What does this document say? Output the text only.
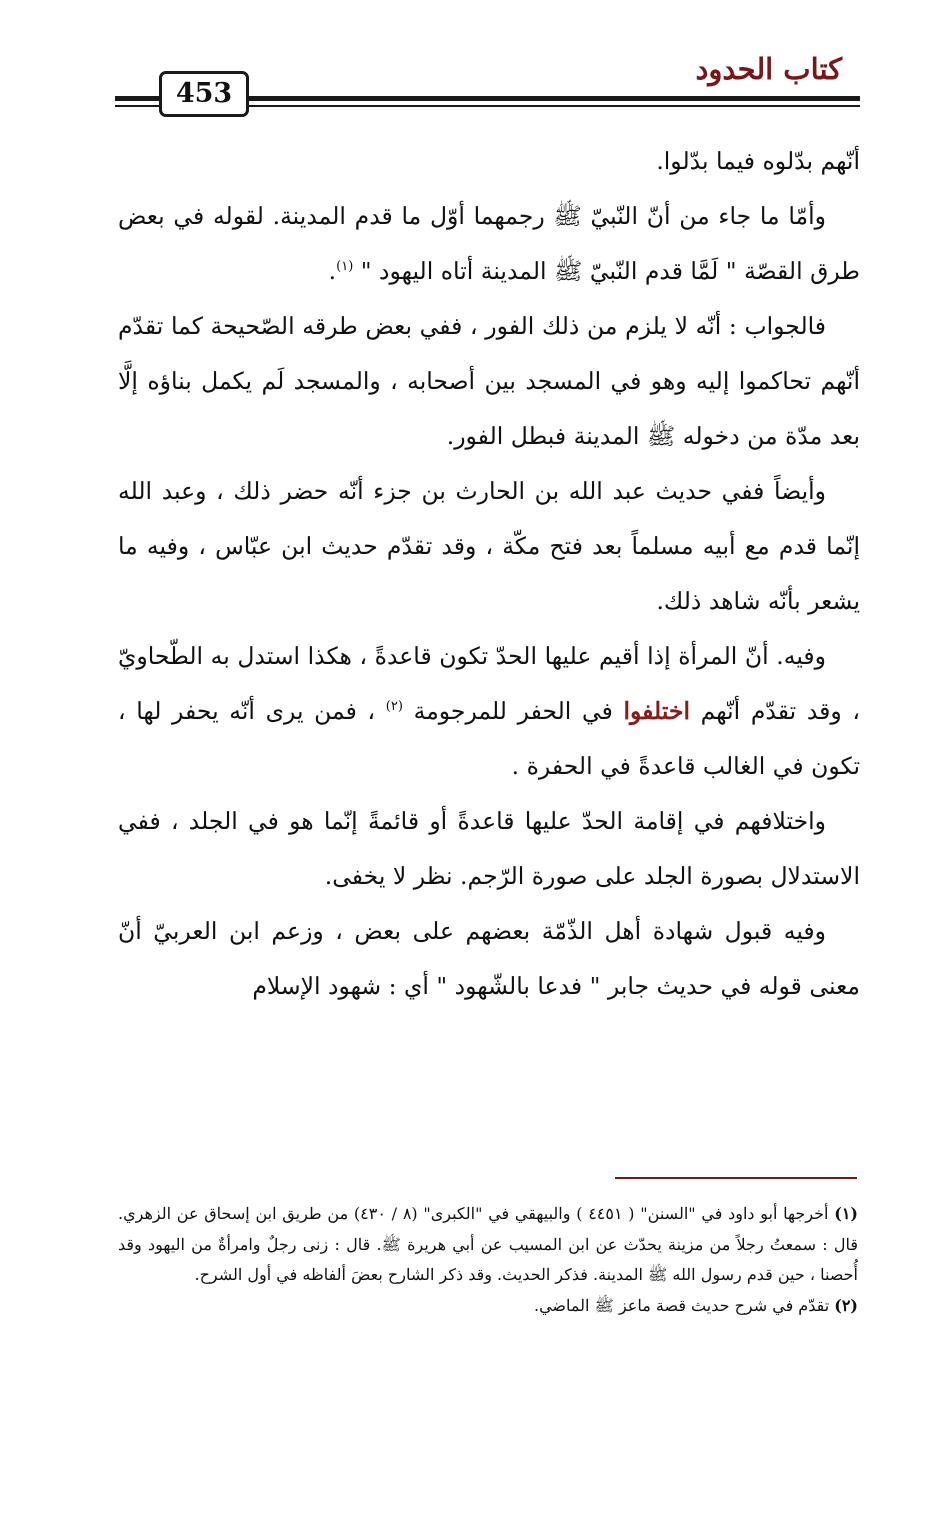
كتاب الحدود
453

أنّهم بدّلوه فيما بدّلوا.

وأمّا ما جاء من أنّ النّبيّ ﷺ رجمهما أوّل ما قدم المدينة. لقوله في بعض طرق القصّة " لَمَّا قدم النّبيّ ﷺ المدينة أتاه اليهود " $^{(١)}$.

فالجواب : أنّه لا يلزم من ذلك الفور ، ففي بعض طرقه الصّحيحة كما تقدّم أنّهم تحاكموا إليه وهو في المسجد بين أصحابه ، والمسجد لَم يكمل بناؤه إلَّا بعد مدّة من دخوله ﷺ المدينة فبطل الفور.

وأيضاً ففي حديث عبد الله بن الحارث بن جزء أنّه حضر ذلك ، وعبد الله إنّما قدم مع أبيه مسلماً بعد فتح مكّة ، وقد تقدّم حديث ابن عبّاس ، وفيه ما يشعر بأنّه شاهد ذلك.

وفيه. أنّ المرأة إذا أقيم عليها الحدّ تكون قاعدةً ، هكذا استدل به الطّحاويّ ، وقد تقدّم أنّهم اختلفوا في الحفر للمرجومة $^{(٢)}$ ، فمن يرى أنّه يحفر لها ، تكون في الغالب قاعدةً في الحفرة .

واختلافهم في إقامة الحدّ عليها قاعدةً أو قائمةً إنّما هو في الجلد ، ففي الاستدلال بصورة الجلد على صورة الرّجم. نظر لا يخفى.

وفيه قبول شهادة أهل الذّمّة بعضهم على بعض ، وزعم ابن العربيّ أنّ معنى قوله في حديث جابر " فدعا بالشّهود " أي : شهود الإسلام

(١) أخرجها أبو داود في "السنن" ( ٤٤٥١ ) والبيهقي في "الكبرى" (٨ / ٤٣٠) من طريق ابن إسحاق عن الزهري. قال : سمعتُ رجلاً من مزينة يحدّث عن ابن المسيب عن أبي هريرة ﷺ. قال : زنى رجلٌ وامرأةٌ من اليهود وقد أُحصنا ، حين قدم رسول الله ﷺ المدينة. فذكر الحديث. وقد ذكر الشارح بعضَ ألفاظه في أول الشرح.

(٢) تقدّم في شرح حديث قصة ماعز ﷺ الماضي.
